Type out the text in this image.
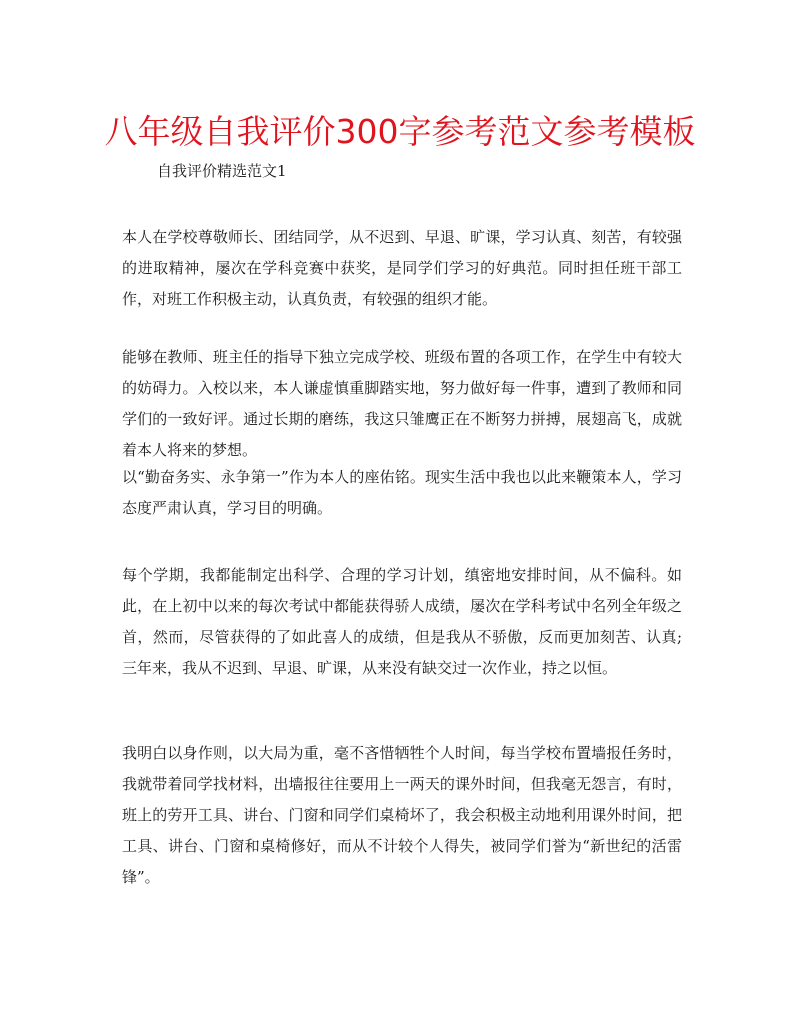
八年级自我评价300字参考范文参考模板

自我评价精选范文1

本人在学校尊敬师长、团结同学，从不迟到、早退、旷课，学习认真、刻苦，有较强的进取精神，屡次在学科竞赛中获奖，是同学们学习的好典范。同时担任班干部工作，对班工作积极主动，认真负责，有较强的组织才能。

能够在教师、班主任的指导下独立完成学校、班级布置的各项工作，在学生中有较大的妨碍力。入校以来，本人谦虚慎重脚踏实地，努力做好每一件事，遭到了教师和同学们的一致好评。通过长期的磨练，我这只雏鹰正在不断努力拼搏，展翅高飞，成就着本人将来的梦想。

以“勤奋务实、永争第一”作为本人的座佑铭。现实生活中我也以此来鞭策本人，学习态度严肃认真，学习目的明确。

每个学期，我都能制定出科学、合理的学习计划，缜密地安排时间，从不偏科。如此，在上初中以来的每次考试中都能获得骄人成绩，屡次在学科考试中名列全年级之首，然而，尽管获得的了如此喜人的成绩，但是我从不骄傲，反而更加刻苦、认真;三年来，我从不迟到、早退、旷课，从来没有缺交过一次作业，持之以恒。

我明白以身作则，以大局为重，毫不吝惜牺牲个人时间，每当学校布置墙报任务时，我就带着同学找材料，出墙报往往要用上一两天的课外时间，但我毫无怨言，有时，班上的劳开工具、讲台、门窗和同学们桌椅坏了，我会积极主动地利用课外时间，把工具、讲台、门窗和桌椅修好，而从不计较个人得失，被同学们誉为“新世纪的活雷锋”。
